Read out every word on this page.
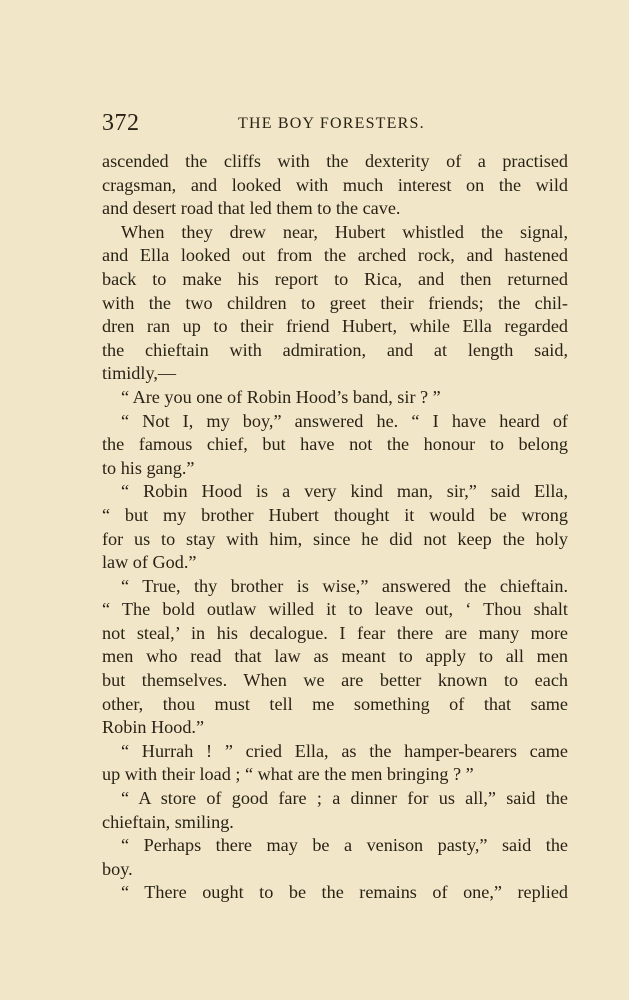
372	THE BOY FORESTERS.
ascended the cliffs with the dexterity of a practised
cragsman, and looked with much interest on the wild
and desert road that led them to the cave.
When they drew near, Hubert whistled the signal,
and Ella looked out from the arched rock, and hastened
back to make his report to Rica, and then returned
with the two children to greet their friends; the chil-
dren ran up to their friend Hubert, while Ella regarded
the chieftain with admiration, and at length said,
timidly,—
“ Are you one of Robin Hood’s band, sir ? ”
“ Not I, my boy,” answered he. “ I have heard of
the famous chief, but have not the honour to belong
to his gang.”
“ Robin Hood is a very kind man, sir,” said Ella,
“ but my brother Hubert thought it would be wrong
for us to stay with him, since he did not keep the holy
law of God.”
“ True, thy brother is wise,” answered the chieftain.
“ The bold outlaw willed it to leave out, ‘ Thou shalt
not steal,’ in his decalogue. I fear there are many more
men who read that law as meant to apply to all men
but themselves. When we are better known to each
other, thou must tell me something of that same
Robin Hood.”
“ Hurrah ! ” cried Ella, as the hamper-bearers came
up with their load ; “ what are the men bringing ? ”
“ A store of good fare ; a dinner for us all,” said the
chieftain, smiling.
“ Perhaps there may be a venison pasty,” said the
boy.
“ There ought to be the remains of one,” replied
